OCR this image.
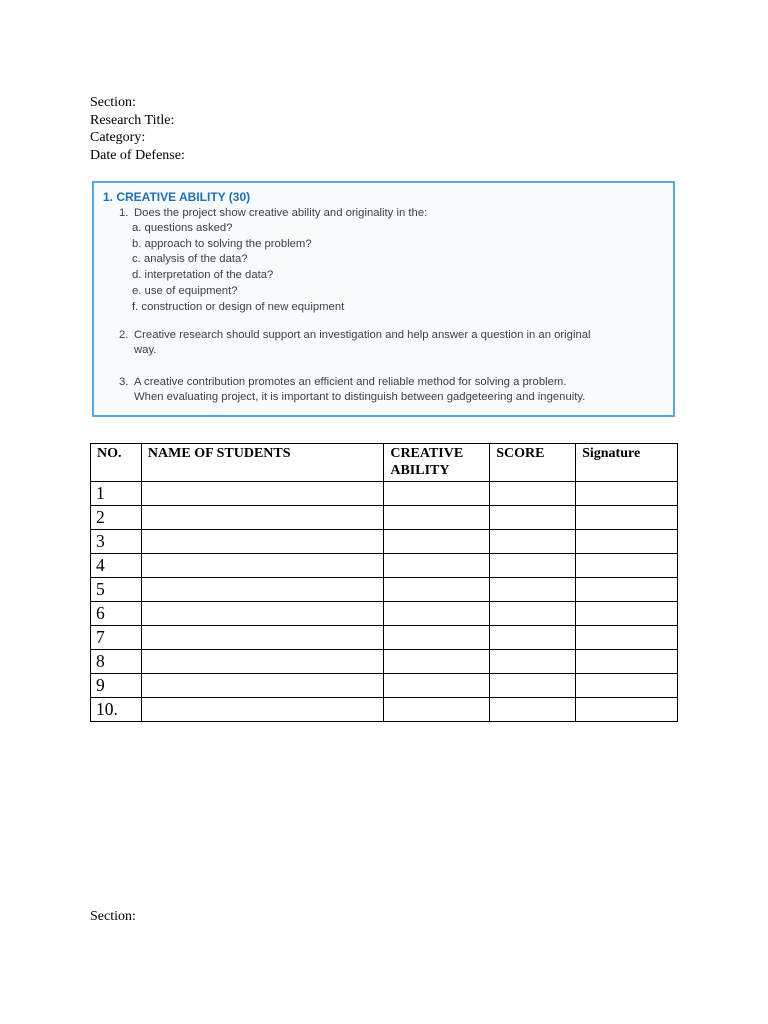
Section:
Research Title:
Category:
Date of Defense:
1. CREATIVE ABILITY (30)
1. Does the project show creative ability and originality in the:
a. questions asked?
b. approach to solving the problem?
c. analysis of the data?
d. interpretation of the data?
e. use of equipment?
f. construction or design of new equipment
2. Creative research should support an investigation and help answer a question in an original
way.
3. A creative contribution promotes an efficient and reliable method for solving a problem.
When evaluating project, it is important to distinguish between gadgeteering and ingenuity.
NO.	NAME OF STUDENTS	CREATIVE ABILITY	SCORE	Signature
1				
2				
3				
4				
5				
6				
7				
8				
9				
10.				
Section:
